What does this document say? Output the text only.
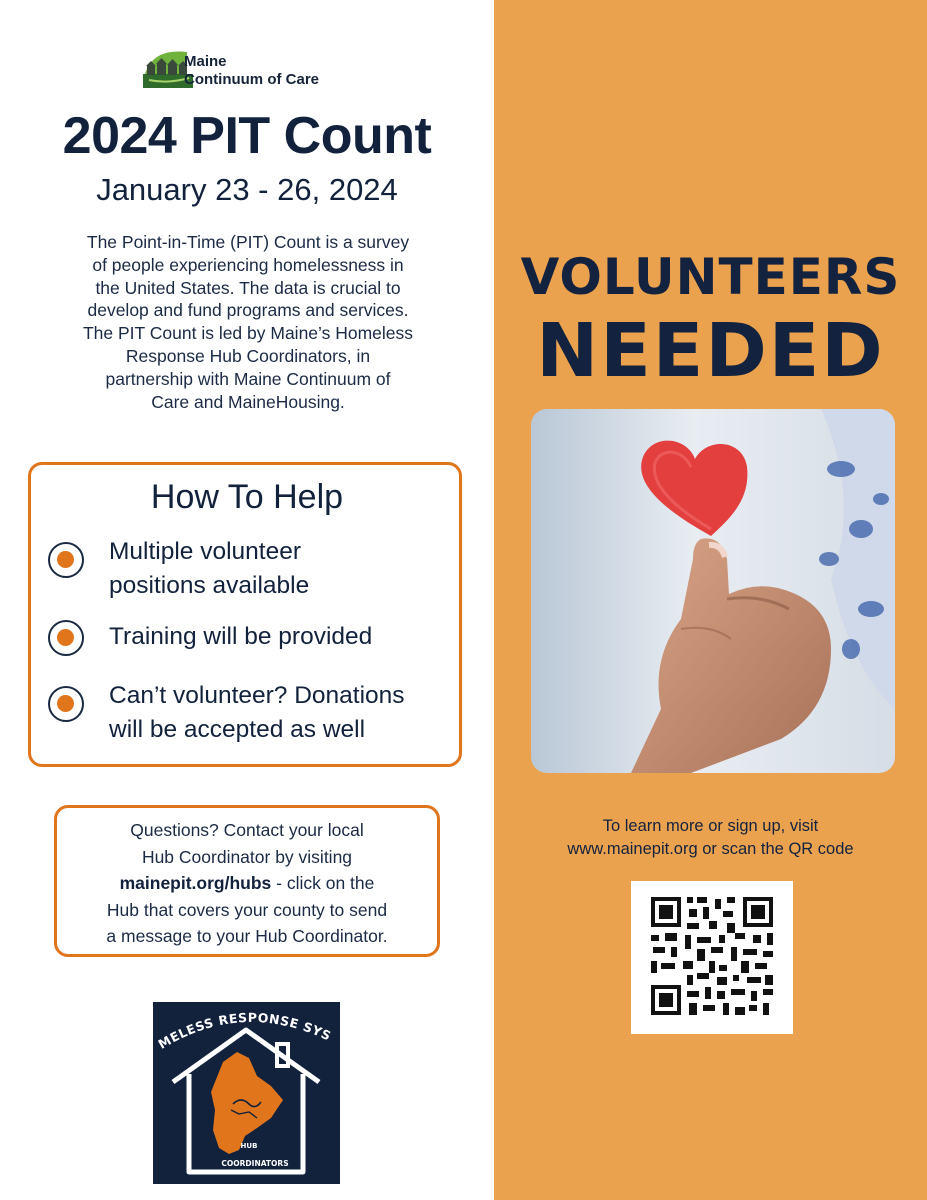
Maine
Continuum of Care
2024 PIT Count
January 23 - 26, 2024
The Point-in-Time (PIT) Count is a survey
of people experiencing homelessness in
the United States. The data is crucial to
develop and fund programs and services.
The PIT Count is led by Maine’s Homeless
Response Hub Coordinators, in
partnership with Maine Continuum of
Care and MaineHousing.
How To Help
Multiple volunteer
positions available
Training will be provided
Can’t volunteer? Donations
will be accepted as well
Questions? Contact your local
Hub Coordinator by visiting
mainepit.org/hubs - click on the
Hub that covers your county to send
a message to your Hub Coordinator.
MELESS RESPONSE SYS
HUB
COORDINATORS
VOLUNTEERS
NEEDED
To learn more or sign up, visit
www.mainepit.org or scan the QR code
